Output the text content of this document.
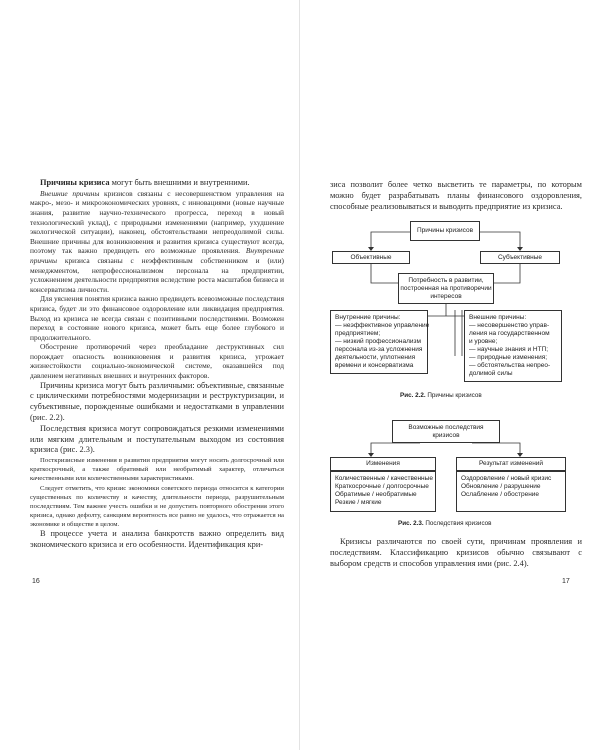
Причины кризиса могут быть внешними и внутренними.

Внешние причины кризисов связаны с несовершенством управления на макро-, мезо- и микроэкономических уровнях, с инновациями (новые научные знания, развитие научно-технического прогресса, переход в новый технологический уклад), с природными изменениями (например, ухудшение экологической ситуации), наконец, обстоятельствами непреодолимой силы. Внешние причины для возникновения и развития кризиса существуют всегда, поэтому так важно предвидеть его возможные проявления. Внутренние причины кризиса связаны с неэффективным собственником и (или) менеджментом, непрофессионализмом персонала на предприятии, усложнением деятельности предприятия вследствие роста масштабов бизнеса и консерватизма личности.

Для уяснения понятия кризиса важно предвидеть всевозможные последствия кризиса, будет ли это финансовое оздоровление или ликвидация предприятия. Выход из кризиса не всегда связан с позитивными последствиями. Возможен переход в состояние нового кризиса, может быть еще более глубокого и продолжительного.

Обострение противоречий через преобладание деструктивных сил порождает опасность возникновения и развития кризиса, угрожает жизнестойкости социально-экономической системе, оказавшейся под давлением негативных внешних и внутренних факторов.

Причины кризиса могут быть различными: объективные, связанные с циклическими потребностями модернизации и реструктуризации, и субъективные, порожденные ошибками и недостатками в управлении (рис. 2.2).

Последствия кризиса могут сопровождаться резкими изменениями или мягким длительным и поступательным выходом из состояния кризиса (рис. 2.3).

Посткризисные изменения в развитии предприятия могут носить долгосрочный или краткосрочный, а также обратимый или необратимый характер, отличаться качественными или количественными характеристиками.

Следует отметить, что кризис экономики советского периода относится к категории существенных по количеству и качеству, длительности периода, разрушительным последствиям. Тем важнее учесть ошибки и не допустить повторного обострения этого кризиса, однако дефолту, санкциям вероятность все равно не удалось, что отражается на экономике и обществе в целом.

В процессе учета и анализа банкротств важно определить вид экономического кризиса и его особенности. Идентификация кри-

16

зиса позволит более четко высветить те параметры, по которым можно будет разрабатывать планы финансового оздоровления, способные реализовываться и выводить предприятие из кризиса.

Причины кризисов
Объективные	Субъективные
Потребность в развитии,
построенная на противоречии
интересов
Внутренние причины:
— неэффективное управление
предприятием;
— низкий профессионализм
персонала из-за усложнения
деятельности, уплотнения
времени и консерватизма
Внешние причины:
— несовершенство управ-
ления на государственном
и уровне;
— научные знания и НТП;
— природные изменения;
— обстоятельства непрео-
долимой силы
Рис. 2.2. Причины кризисов
Возможные последствия
кризисов
Изменения	Результат изменений
Количественные / качественные
Краткосрочные / долгосрочные
Обратимые / необратимые
Резкие / мягкие
Оздоровление / новый кризис
Обновление / разрушение
Ослабление / обострение
Рис. 2.3. Последствия кризисов

Кризисы различаются по своей сути, причинам проявления и последствиям. Классификацию кризисов обычно связывают с выбором средств и способов управления ими (рис. 2.4).

17
